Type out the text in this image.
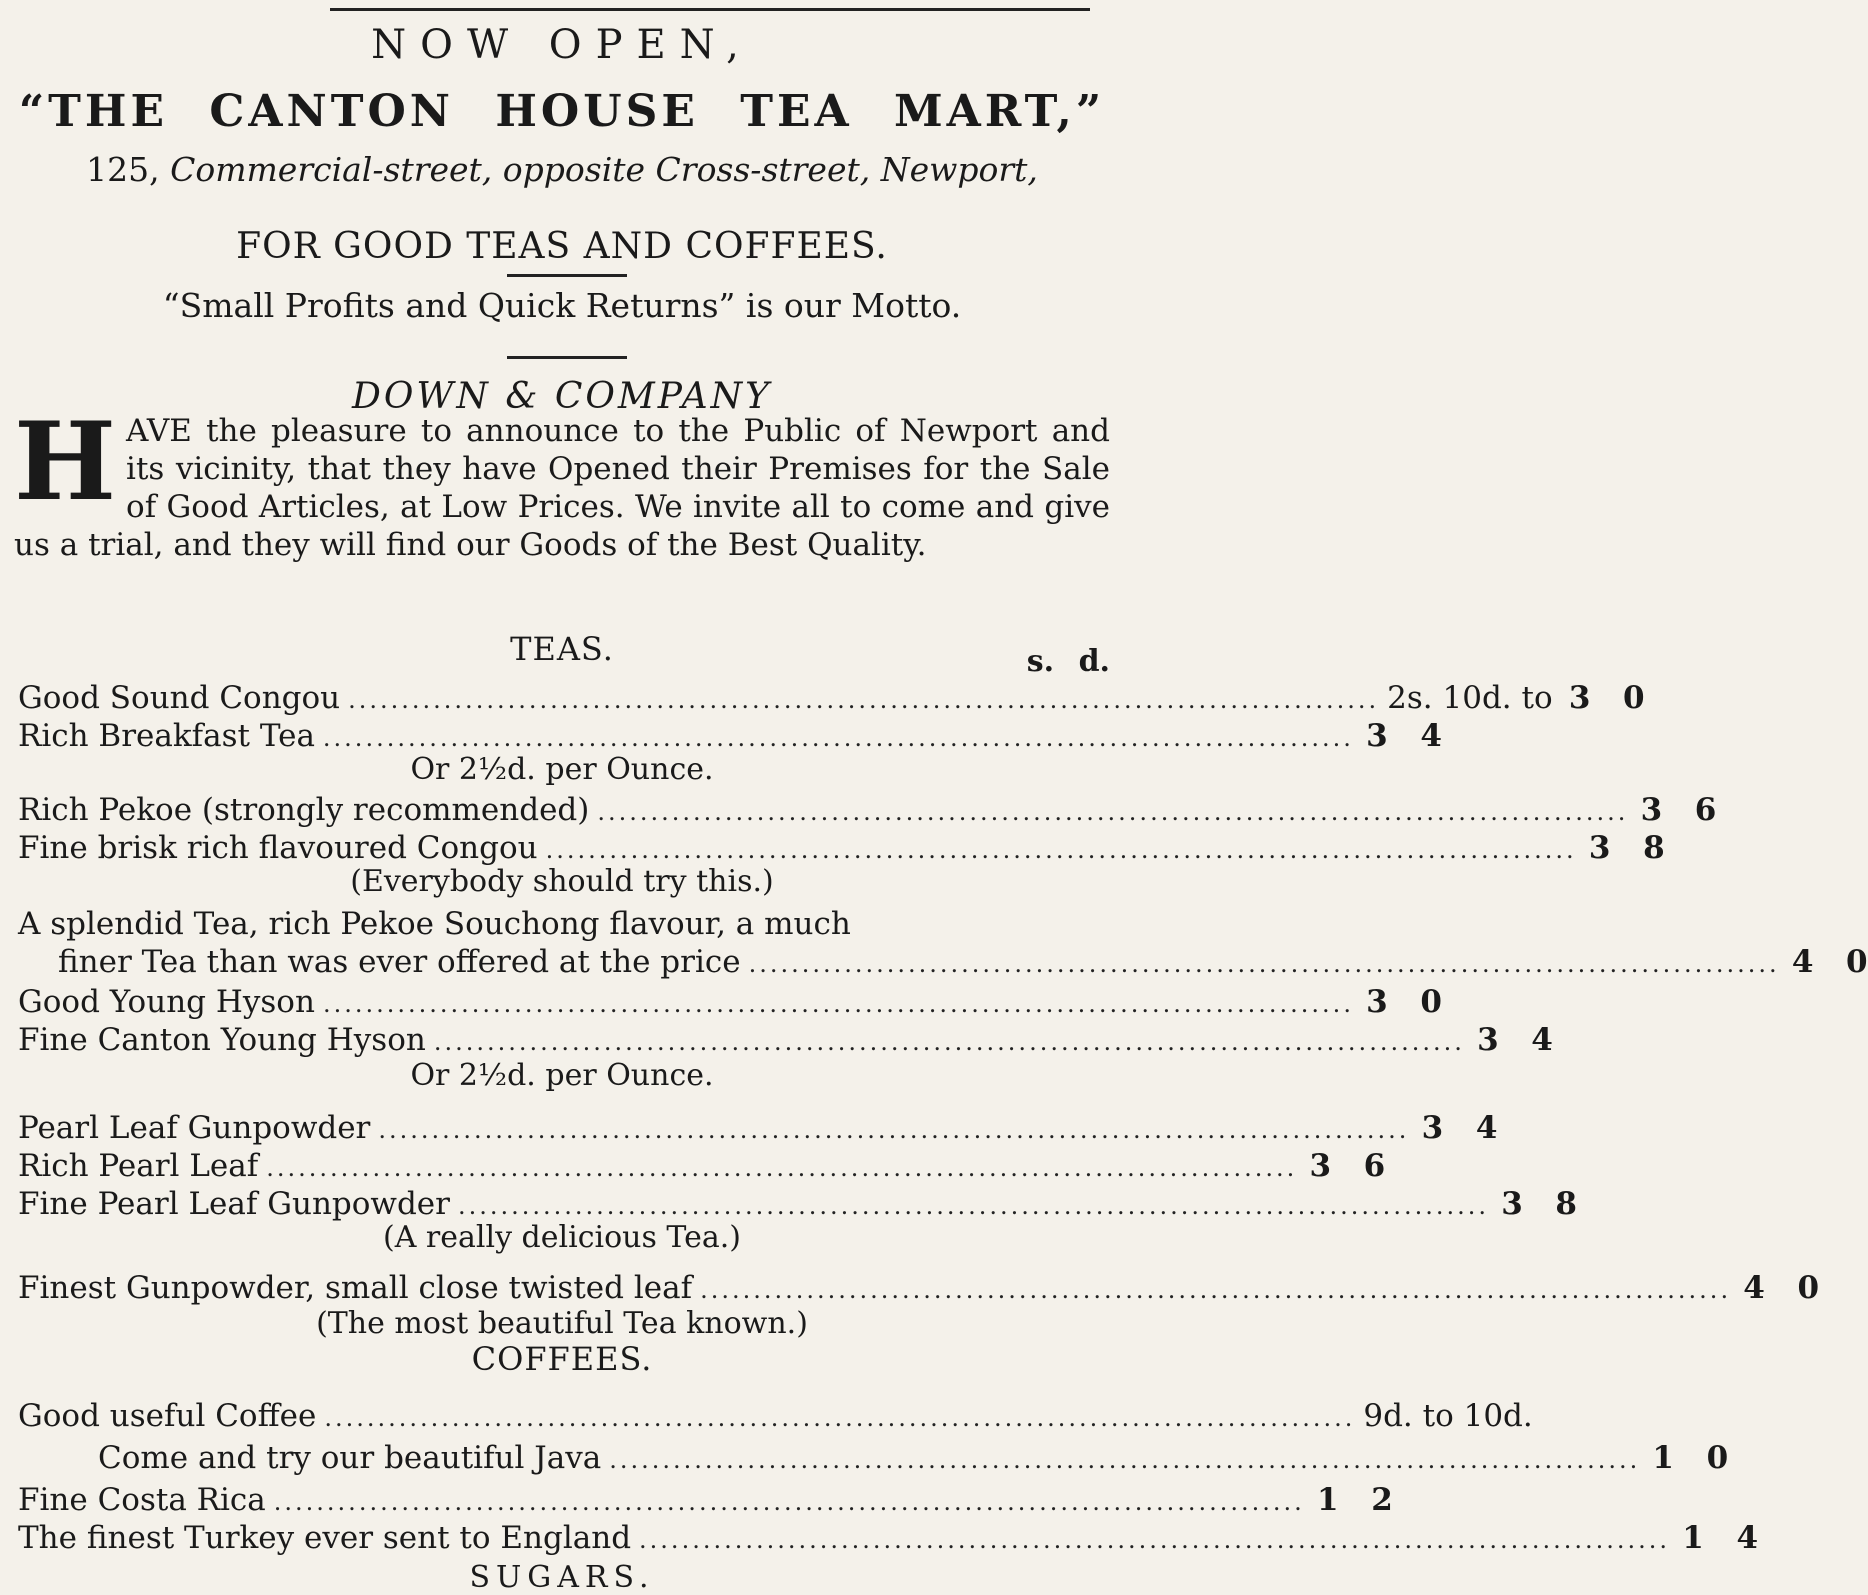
NOW OPEN,
“THE CANTON HOUSE TEA MART,”
125, Commercial-street, opposite Cross-street, Newport,
FOR GOOD TEAS AND COFFEES.
“Small Profits and Quick Returns” is our Motto.
DOWN & COMPANY
HAVE the pleasure to announce to the Public of Newport and its vicinity, that they have Opened their Premises for the Sale of Good Articles, at Low Prices. We invite all to come and give us a trial, and they will find our Goods of the Best Quality.
TEAS.	s. d.
Good Sound Congou ................................................................................................. 2s. 10d. to 3	0
Rich Breakfast Tea ................................................................................................. 3	4
Or 2½d. per Ounce.
Rich Pekoe (strongly recommended) ................................................................................................. 3	6
Fine brisk rich flavoured Congou ................................................................................................. 3	8
(Everybody should try this.)
A splendid Tea, rich Pekoe Souchong flavour, a much
finer Tea than was ever offered at the price ................................................................................................. 4	0
Good Young Hyson ................................................................................................. 3	0
Fine Canton Young Hyson ................................................................................................. 3	4
Or 2½d. per Ounce.
Pearl Leaf Gunpowder ................................................................................................. 3	4
Rich Pearl Leaf ................................................................................................. 3	6
Fine Pearl Leaf Gunpowder ................................................................................................. 3	8
(A really delicious Tea.)
Finest Gunpowder, small close twisted leaf ................................................................................................. 4	0
(The most beautiful Tea known.)
COFFEES.
Good useful Coffee ................................................................................................. 9d. to 10d.
Come and try our beautiful Java ................................................................................................. 1	0
Fine Costa Rica ................................................................................................. 1	2
The finest Turkey ever sent to England ................................................................................................. 1	4
SUGARS.
